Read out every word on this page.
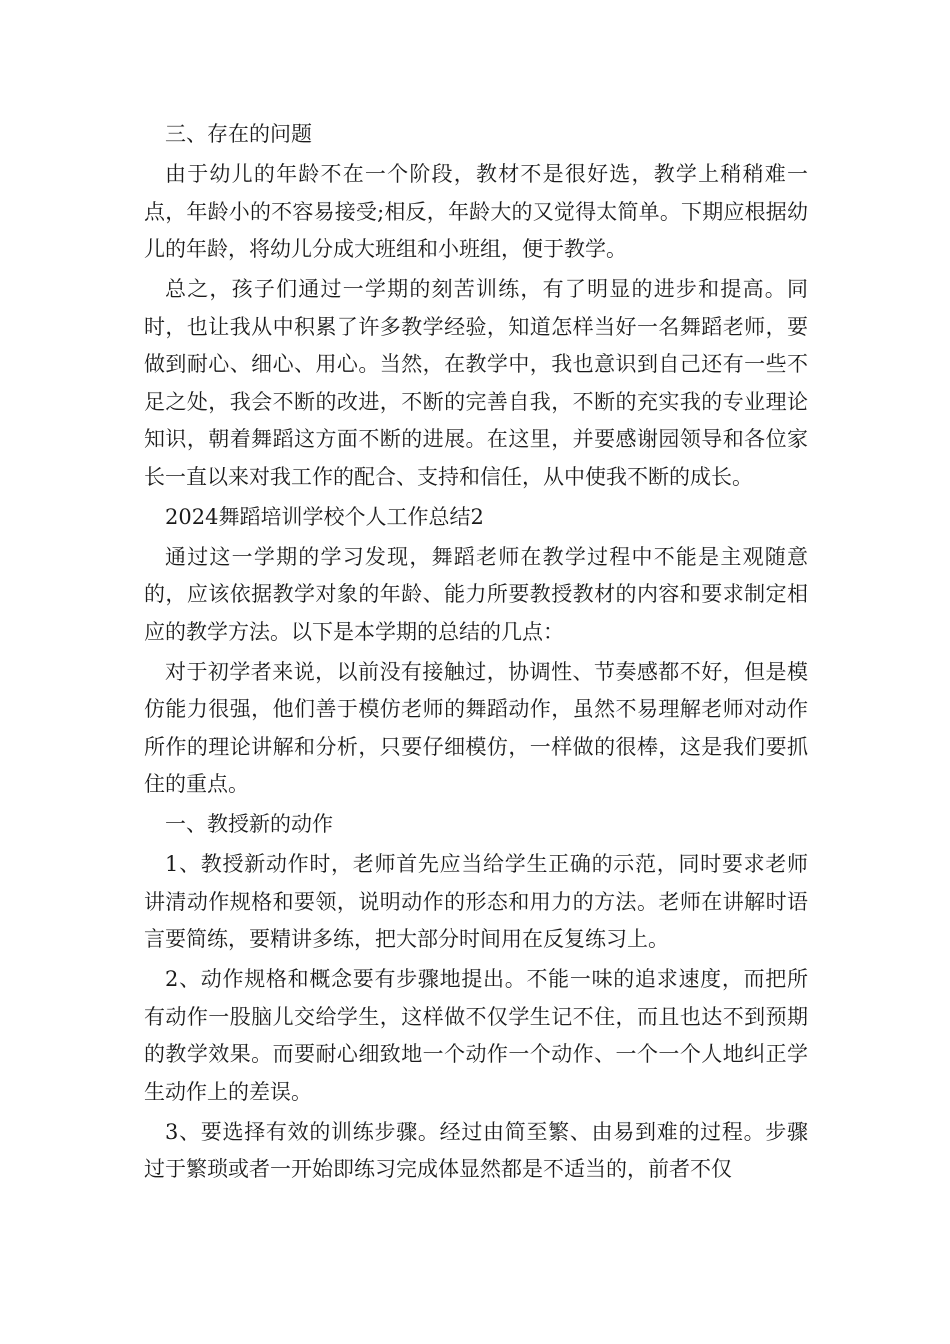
三、存在的问题

由于幼儿的年龄不在一个阶段，教材不是很好选，教学上稍稍难一点，年龄小的不容易接受;相反，年龄大的又觉得太简单。下期应根据幼儿的年龄，将幼儿分成大班组和小班组，便于教学。

总之，孩子们通过一学期的刻苦训练，有了明显的进步和提高。同时，也让我从中积累了许多教学经验，知道怎样当好一名舞蹈老师，要做到耐心、细心、用心。当然，在教学中，我也意识到自己还有一些不足之处，我会不断的改进，不断的完善自我，不断的充实我的专业理论知识，朝着舞蹈这方面不断的进展。在这里，并要感谢园领导和各位家长一直以来对我工作的配合、支持和信任，从中使我不断的成长。

2024舞蹈培训学校个人工作总结2

通过这一学期的学习发现，舞蹈老师在教学过程中不能是主观随意的，应该依据教学对象的年龄、能力所要教授教材的内容和要求制定相应的教学方法。以下是本学期的总结的几点：

对于初学者来说，以前没有接触过，协调性、节奏感都不好，但是模仿能力很强，他们善于模仿老师的舞蹈动作，虽然不易理解老师对动作所作的理论讲解和分析，只要仔细模仿，一样做的很棒，这是我们要抓住的重点。

一、教授新的动作

1、教授新动作时，老师首先应当给学生正确的示范，同时要求老师讲清动作规格和要领，说明动作的形态和用力的方法。老师在讲解时语言要简练，要精讲多练，把大部分时间用在反复练习上。

2、动作规格和概念要有步骤地提出。不能一味的追求速度，而把所有动作一股脑儿交给学生，这样做不仅学生记不住，而且也达不到预期的教学效果。而要耐心细致地一个动作一个动作、一个一个人地纠正学生动作上的差误。

3、要选择有效的训练步骤。经过由简至繁、由易到难的过程。步骤过于繁琐或者一开始即练习完成体显然都是不适当的，前者不仅
